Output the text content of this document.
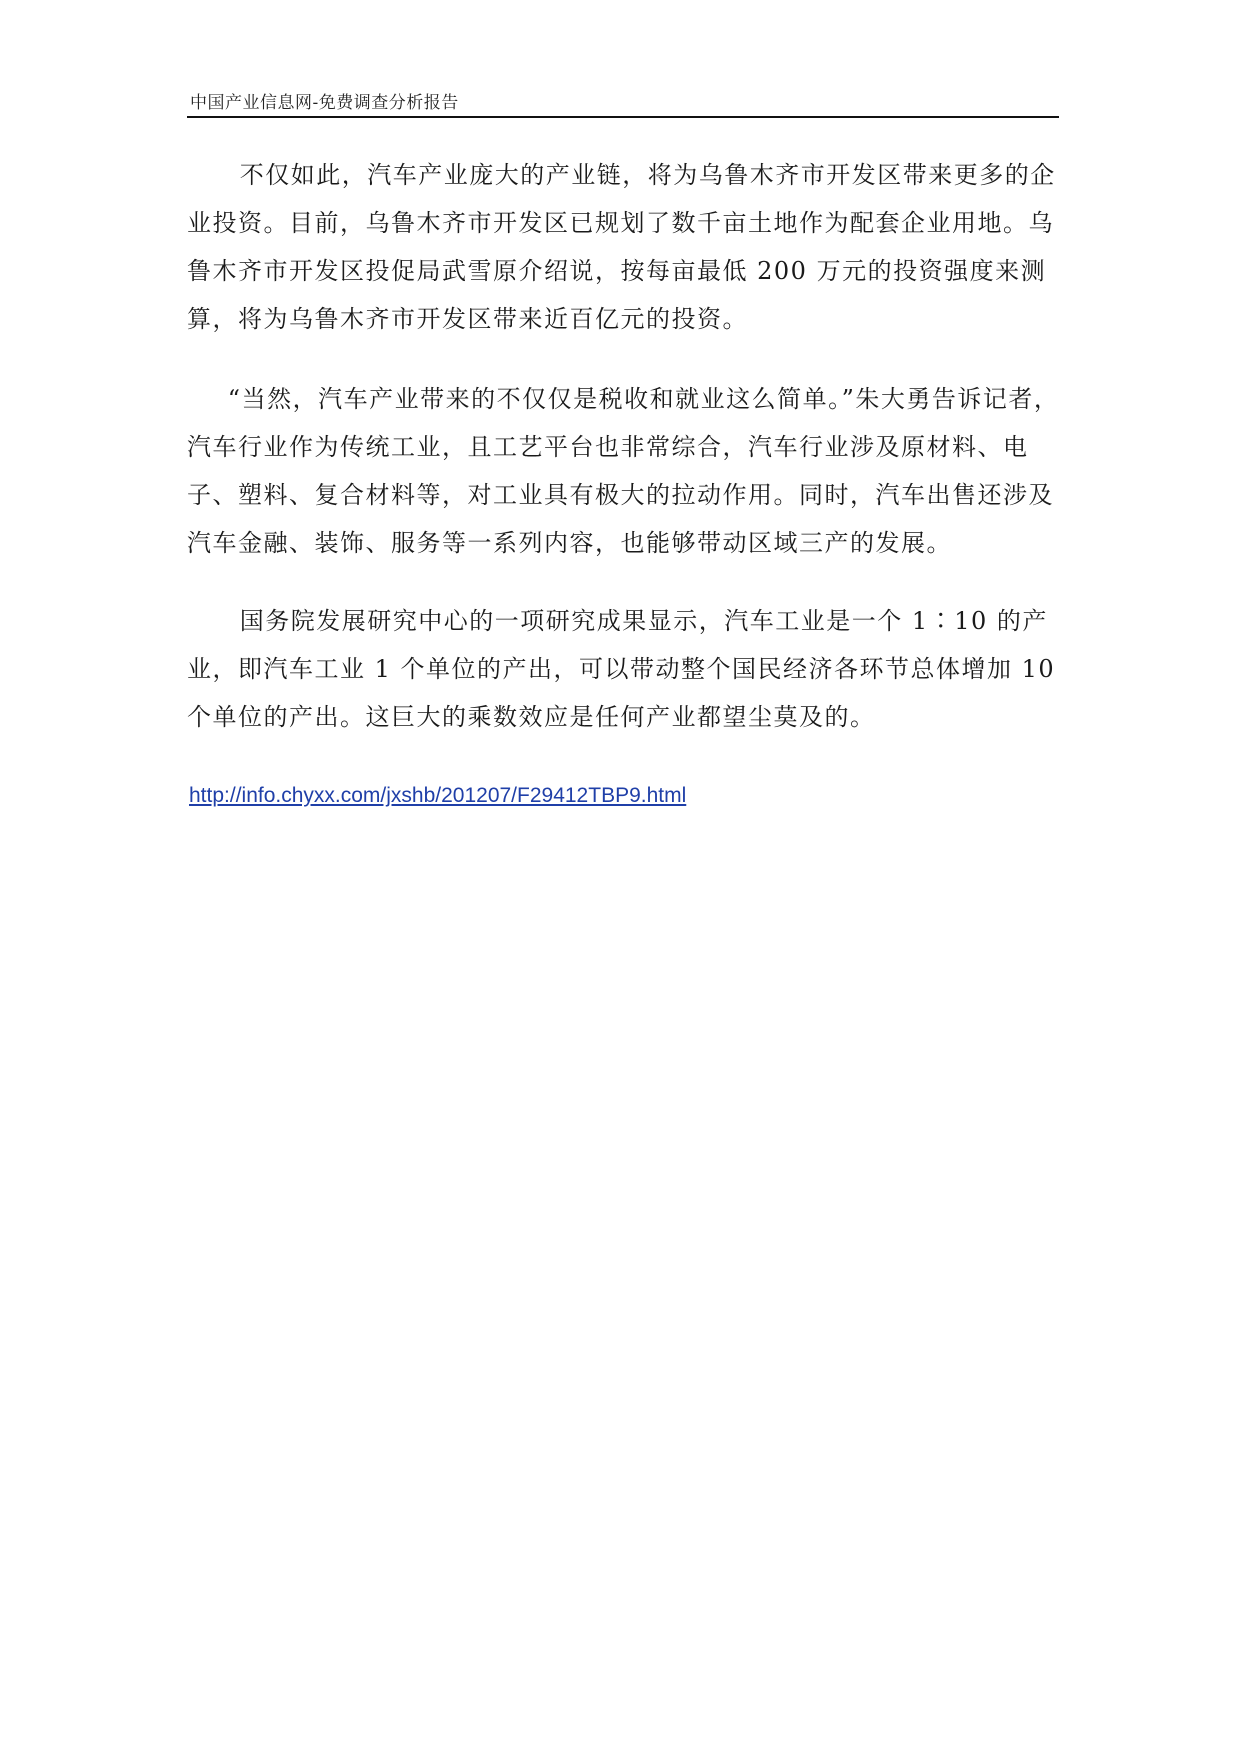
中国产业信息网-免费调查分析报告

不仅如此，汽车产业庞大的产业链，将为乌鲁木齐市开发区带来更多的企业投资。目前，乌鲁木齐市开发区已规划了数千亩土地作为配套企业用地。乌鲁木齐市开发区投促局武雪原介绍说，按每亩最低 200 万元的投资强度来测算，将为乌鲁木齐市开发区带来近百亿元的投资。

“当然，汽车产业带来的不仅仅是税收和就业这么简单。”朱大勇告诉记者，汽车行业作为传统工业，且工艺平台也非常综合，汽车行业涉及原材料、电子、塑料、复合材料等，对工业具有极大的拉动作用。同时，汽车出售还涉及汽车金融、装饰、服务等一系列内容，也能够带动区域三产的发展。

国务院发展研究中心的一项研究成果显示，汽车工业是一个 1∶10 的产业，即汽车工业 1 个单位的产出，可以带动整个国民经济各环节总体增加 10 个单位的产出。这巨大的乘数效应是任何产业都望尘莫及的。

http://info.chyxx.com/jxshb/201207/F29412TBP9.html
